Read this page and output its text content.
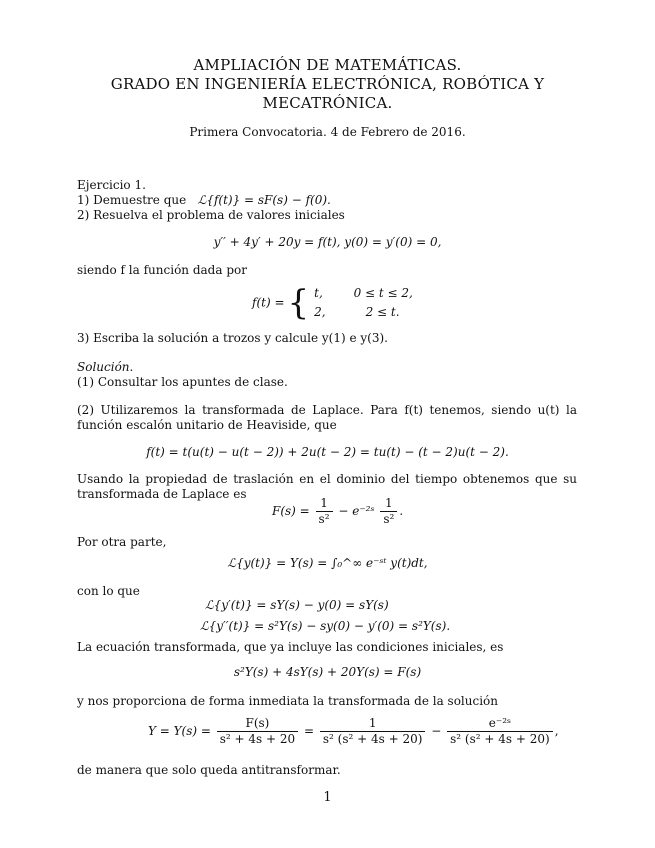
AMPLIACIÓN DE MATEMÁTICAS.
GRADO EN INGENIERÍA ELECTRÓNICA, ROBÓTICA Y
MECATRÓNICA.
Primera Convocatoria. 4 de Febrero de 2016.
Ejercicio 1.
1) Demuestre que ℒ{f(t)} = sF(s) − f(0).
2) Resuelva el problema de valores iniciales
y′′ + 4y′ + 20y = f(t), y(0) = y′(0) = 0,
siendo f la función dada por
f(t) ={ t,	0 ≤ t ≤ 2,
2,	2 ≤ t.
3) Escriba la solución a trozos y calcule y(1) e y(3).
Solución.
(1) Consultar los apuntes de clase.
(2) Utilizaremos la transformada de Laplace. Para f(t) tenemos, siendo u(t) la función escalón unitario de Heaviside, que
f(t) = t(u(t) − u(t − 2)) + 2u(t − 2) = tu(t) − (t − 2)u(t − 2).
Usando la propiedad de traslación en el dominio del tiempo obtenemos que su transformada de Laplace es
$F(s) = \frac{1}{\text{s²}}$ − e⁻²ˢ $\frac{1}{\text{s²}}$ .
Por otra parte,
ℒ{y(t)} = Y(s) = ∫₀^∞ e⁻ˢᵗ y(t)dt,
con lo que
ℒ{y′(t)} = sY(s) − y(0) = sY(s)
ℒ{y′′(t)} = s²Y(s) − sy(0) − y′(0) = s²Y(s).
La ecuación transformada, que ya incluye las condiciones iniciales, es
s²Y(s) + 4sY(s) + 20Y(s) = F(s)
y nos proporciona de forma inmediata la transformada de la solución
$Y = Y(s) = \frac{F(s)}{\text{s² + 4s + 20}} = \frac{1}{\text{s² (s² + 4s + 20)}} - \frac{\text{e⁻²ˢ}}{\text{s² (s² + 4s + 20)}}$ ,
de manera que solo queda antitransformar.
1
